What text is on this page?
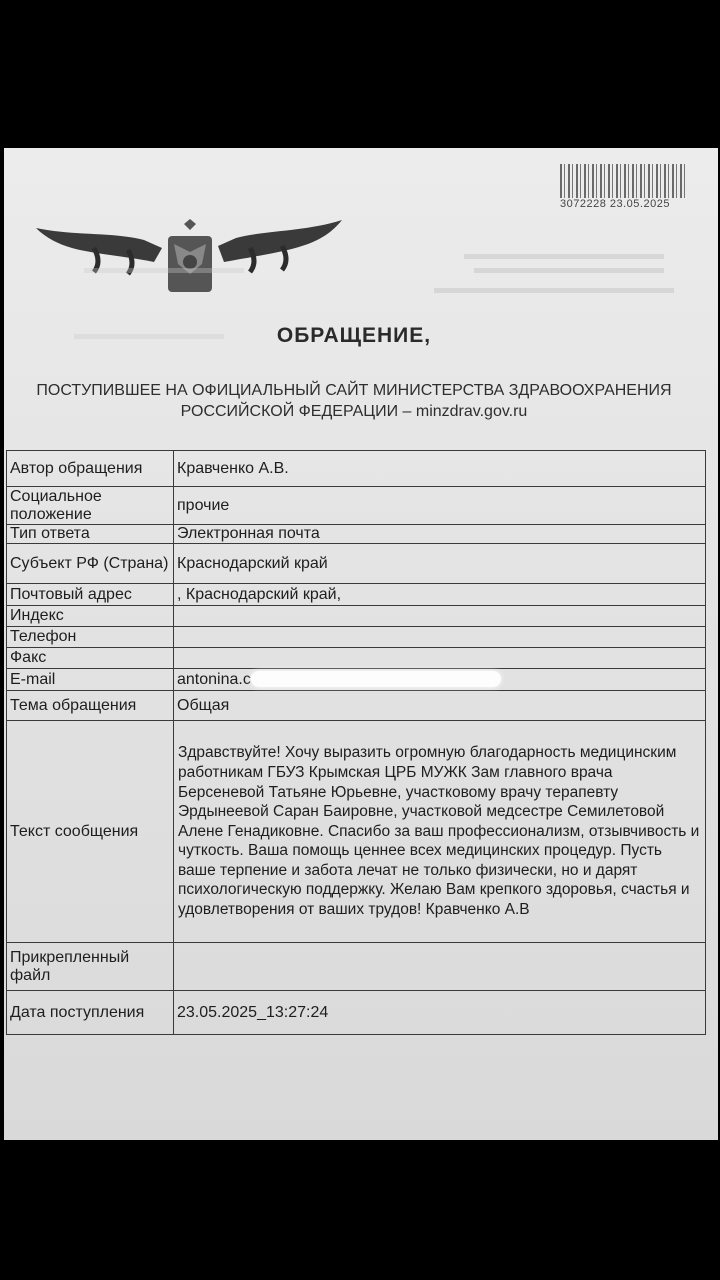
3072228 23.05.2025
ОБРАЩЕНИЕ,
ПОСТУПИВШЕЕ НА ОФИЦИАЛЬНЫЙ САЙТ МИНИСТЕРСТВА ЗДРАВООХРАНЕНИЯ
РОССИЙСКОЙ ФЕДЕРАЦИИ – minzdrav.gov.ru
Автор обращения	Кравченко А.В.
Социальное положение	прочие
Тип ответа	Электронная почта
Субъект РФ (Страна)	Краснодарский край
Почтовый адрес	, Краснодарский край,
Индекс	
Телефон	
Факс	
E-mail	antonina.c
Тема обращения	Общая
Текст сообщения	Здравствуйте! Хочу выразить огромную благодарность медицинским работникам ГБУЗ Крымская ЦРБ МУЖК Зам главного врача Берсеневой Татьяне Юрьевне, участковому врачу терапевту Эрдынеевой Саран Баировне, участковой медсестре Семилетовой Алене Генадиковне. Спасибо за ваш профессионализм, отзывчивость и чуткость. Ваша помощь ценнее всех медицинских процедур. Пусть ваше терпение и забота лечат не только физически, но и дарят психологическую поддержку. Желаю Вам крепкого здоровья, счастья и удовлетворения от ваших трудов! Кравченко А.В
Прикрепленный файл	
Дата поступления	23.05.2025_13:27:24
